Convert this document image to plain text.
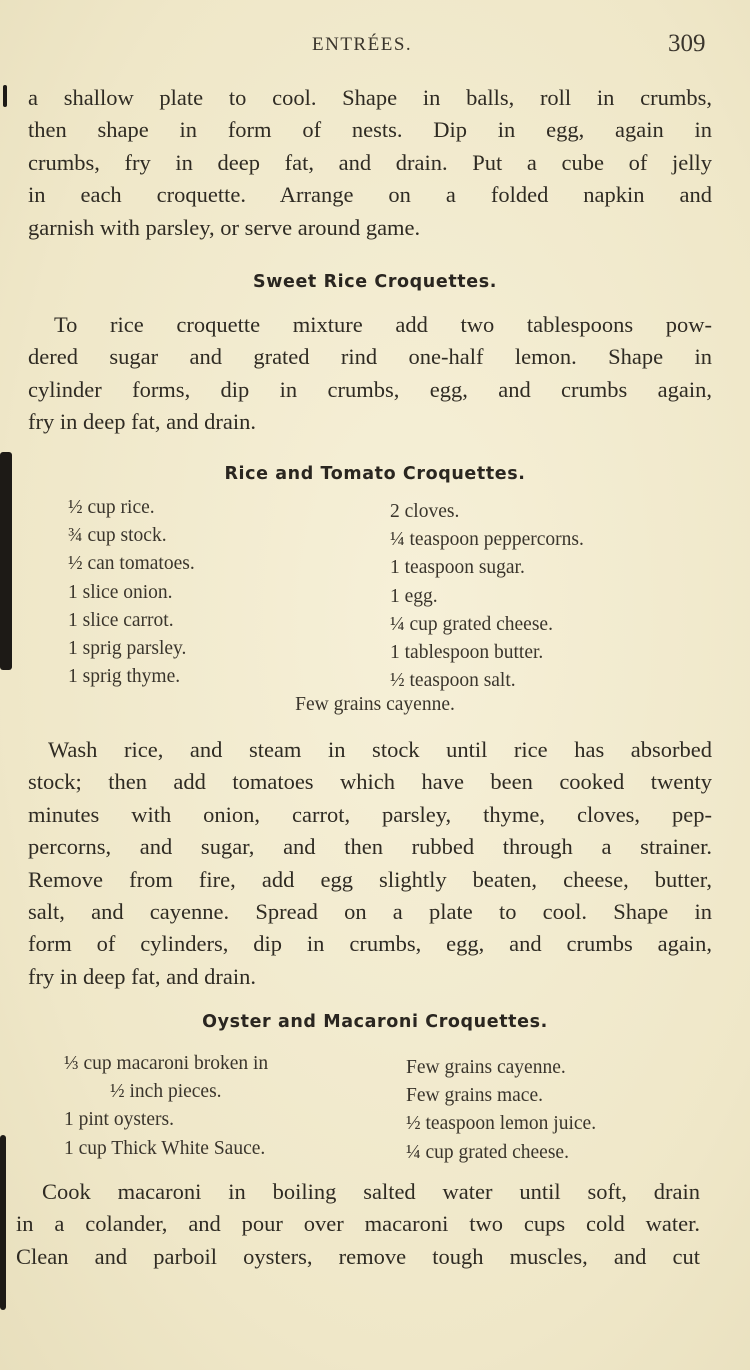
ENTRÉES.	309
a shallow plate to cool. Shape in balls, roll in crumbs,
then shape in form of nests. Dip in egg, again in
crumbs, fry in deep fat, and drain. Put a cube of jelly
in each croquette. Arrange on a folded napkin and
garnish with parsley, or serve around game.
Sweet Rice Croquettes.
To rice croquette mixture add two tablespoons pow-
dered sugar and grated rind one-half lemon. Shape in
cylinder forms, dip in crumbs, egg, and crumbs again,
fry in deep fat, and drain.
Rice and Tomato Croquettes.
½ cup rice.
¾ cup stock.
½ can tomatoes.
1 slice onion.
1 slice carrot.
1 sprig parsley.
1 sprig thyme.
2 cloves.
¼ teaspoon peppercorns.
1 teaspoon sugar.
1 egg.
¼ cup grated cheese.
1 tablespoon butter.
½ teaspoon salt.
Few grains cayenne.
Wash rice, and steam in stock until rice has absorbed
stock; then add tomatoes which have been cooked twenty
minutes with onion, carrot, parsley, thyme, cloves, pep-
percorns, and sugar, and then rubbed through a strainer.
Remove from fire, add egg slightly beaten, cheese, butter,
salt, and cayenne. Spread on a plate to cool. Shape in
form of cylinders, dip in crumbs, egg, and crumbs again,
fry in deep fat, and drain.
Oyster and Macaroni Croquettes.
⅓ cup macaroni broken in
½ inch pieces.
1 pint oysters.
1 cup Thick White Sauce.
Few grains cayenne.
Few grains mace.
½ teaspoon lemon juice.
¼ cup grated cheese.
Cook macaroni in boiling salted water until soft, drain
in a colander, and pour over macaroni two cups cold water.
Clean and parboil oysters, remove tough muscles, and cut
